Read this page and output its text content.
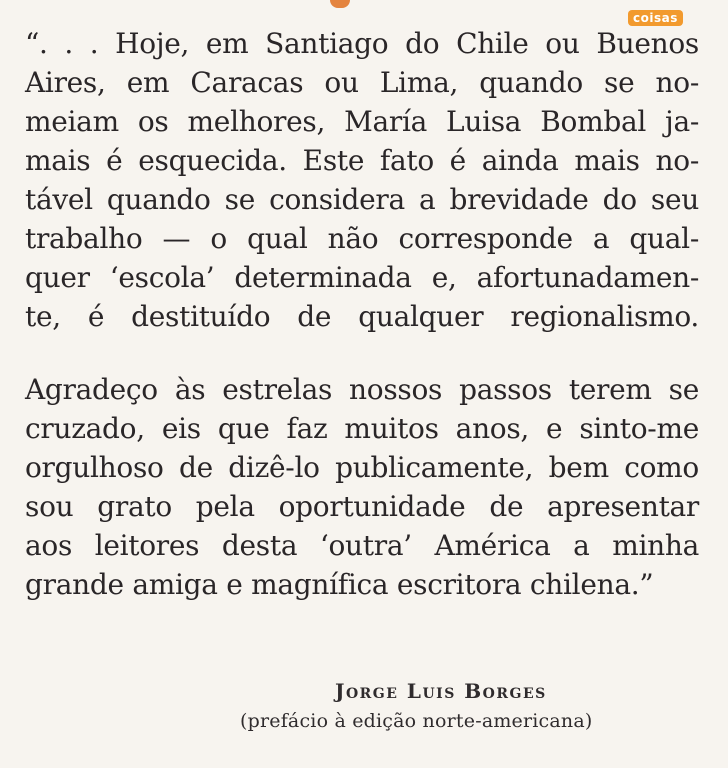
coisas
“. . . Hoje, em Santiago do Chile ou Buenos
Aires, em Caracas ou Lima, quando se no-
meiam os melhores, María Luisa Bombal ja-
mais é esquecida. Este fato é ainda mais no-
tável quando se considera a brevidade do seu
trabalho — o qual não corresponde a qual-
quer ‘escola’ determinada e, afortunadamen-
te, é destituído de qualquer regionalismo.
Agradeço às estrelas nossos passos terem se
cruzado, eis que faz muitos anos, e sinto-me
orgulhoso de dizê-lo publicamente, bem como
sou grato pela oportunidade de apresentar
aos leitores desta ‘outra’ América a minha
grande amiga e magnífica escritora chilena.”
Jorge Luis Borges
(prefácio à edição norte-americana)
